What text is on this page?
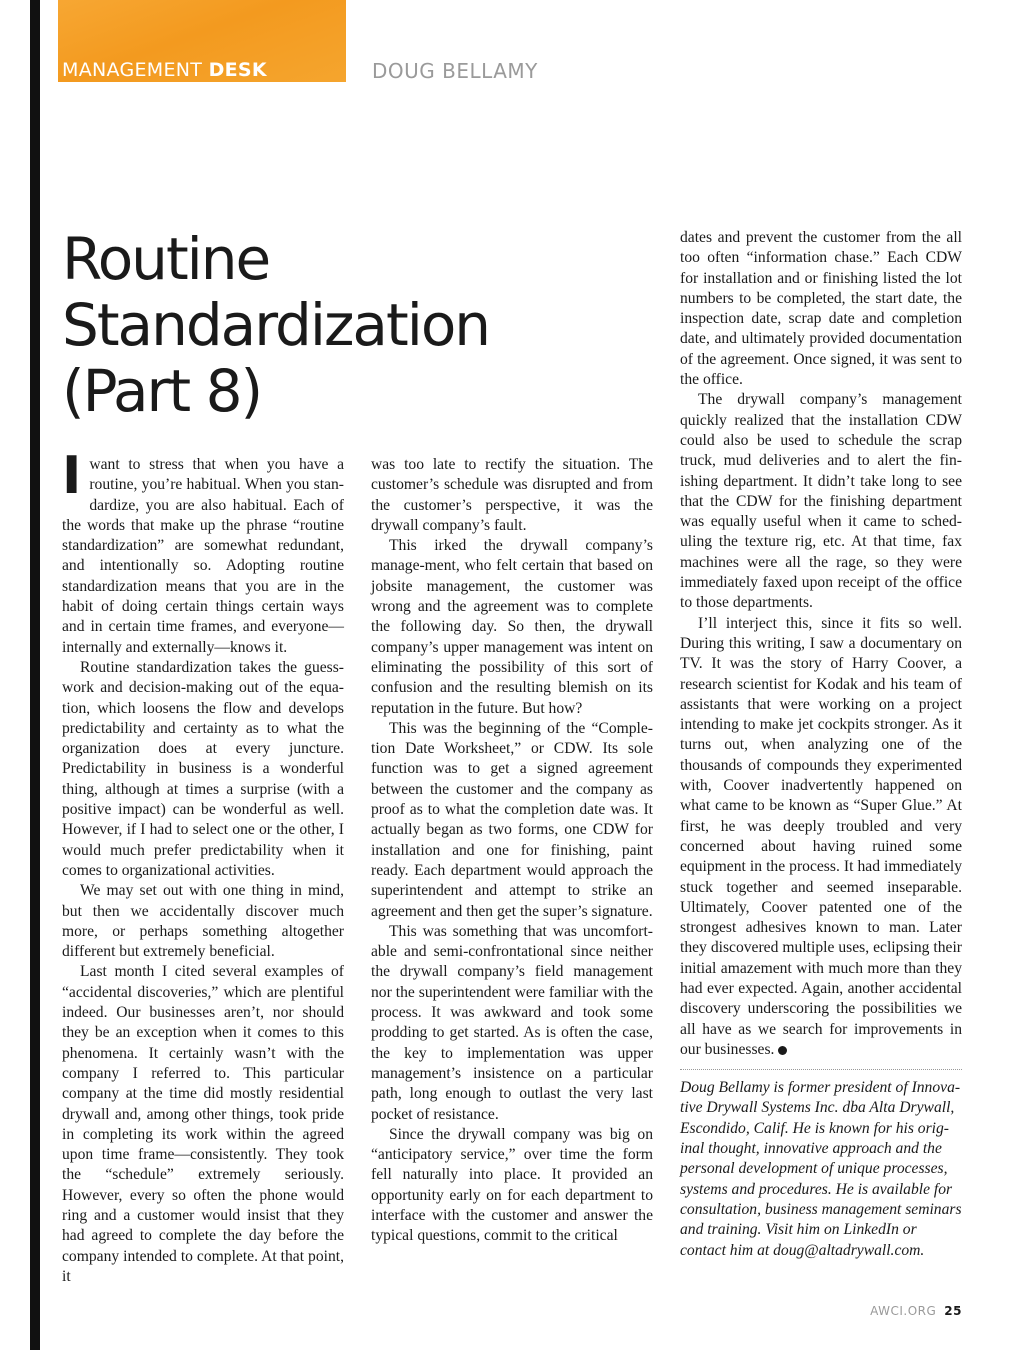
MANAGEMENT DESK	DOUG BELLAMY
Routine
Standardization
(Part 8)

I want to stress that when you have a routine, you’re habitual. When you stan-dardize, you are also habitual. Each of the words that make up the phrase “routine standardization” are somewhat redundant, and intentionally so. Adopting routine standardization means that you are in the habit of doing certain things certain ways and in certain time frames, and everyone—internally and externally—knows it.

Routine standardization takes the guess-work and decision-making out of the equa-tion, which loosens the flow and develops predictability and certainty as to what the organization does at every juncture. Predictability in business is a wonderful thing, although at times a surprise (with a positive impact) can be wonderful as well. However, if I had to select one or the other, I would much prefer predictability when it comes to organizational activities.

We may set out with one thing in mind, but then we accidentally discover much more, or perhaps something altogether different but extremely beneficial.

Last month I cited several examples of “accidental discoveries,” which are plentiful indeed. Our businesses aren’t, nor should they be an exception when it comes to this phenomena. It certainly wasn’t with the company I referred to. This particular company at the time did mostly residential drywall and, among other things, took pride in completing its work within the agreed upon time frame—consistently. They took the “schedule” extremely seriously. However, every so often the phone would ring and a customer would insist that they had agreed to complete the day before the company intended to complete. At that point, it

was too late to rectify the situation. The customer’s schedule was disrupted and from the customer’s perspective, it was the drywall company’s fault.

This irked the drywall company’s manage-ment, who felt certain that based on jobsite management, the customer was wrong and the agreement was to complete the following day. So then, the drywall company’s upper management was intent on eliminating the possibility of this sort of confusion and the resulting blemish on its reputation in the future. But how?

This was the beginning of the “Comple-tion Date Worksheet,” or CDW. Its sole function was to get a signed agreement between the customer and the company as proof as to what the completion date was. It actually began as two forms, one CDW for installation and one for finishing, paint ready. Each department would approach the superintendent and attempt to strike an agreement and then get the super’s signature.

This was something that was uncomfort-able and semi-confrontational since neither the drywall company’s field management nor the superintendent were familiar with the process. It was awkward and took some prodding to get started. As is often the case, the key to implementation was upper management’s insistence on a particular path, long enough to outlast the very last pocket of resistance.

Since the drywall company was big on “anticipatory service,” over time the form fell naturally into place. It provided an opportunity early on for each department to interface with the customer and answer the typical questions, commit to the critical

dates and prevent the customer from the all too often “information chase.” Each CDW for installation and or finishing listed the lot numbers to be completed, the start date, the inspection date, scrap date and completion date, and ultimately provided documentation of the agreement. Once signed, it was sent to the office.

The drywall company’s management quickly realized that the installation CDW could also be used to schedule the scrap truck, mud deliveries and to alert the fin-ishing department. It didn’t take long to see that the CDW for the finishing department was equally useful when it came to sched-uling the texture rig, etc. At that time, fax machines were all the rage, so they were immediately faxed upon receipt of the office to those departments.

I’ll interject this, since it fits so well. During this writing, I saw a documentary on TV. It was the story of Harry Coover, a research scientist for Kodak and his team of assistants that were working on a project intending to make jet cockpits stronger. As it turns out, when analyzing one of the thousands of compounds they experimented with, Coover inadvertently happened on what came to be known as “Super Glue.” At first, he was deeply troubled and very concerned about having ruined some equipment in the process. It had immediately stuck together and seemed inseparable. Ultimately, Coover patented one of the strongest adhesives known to man. Later they discovered multiple uses, eclipsing their initial amazement with much more than they had ever expected. Again, another accidental discovery underscoring the possibilities we all have as we search for improvements in our businesses.

Doug Bellamy is former president of Innova-tive Drywall Systems Inc. dba Alta Drywall, Escondido, Calif. He is known for his orig-inal thought, innovative approach and the personal development of unique processes, systems and procedures. He is available for consultation, business management seminars and training. Visit him on LinkedIn or contact him at doug@altadrywall.com.

AWCI.ORG 25
